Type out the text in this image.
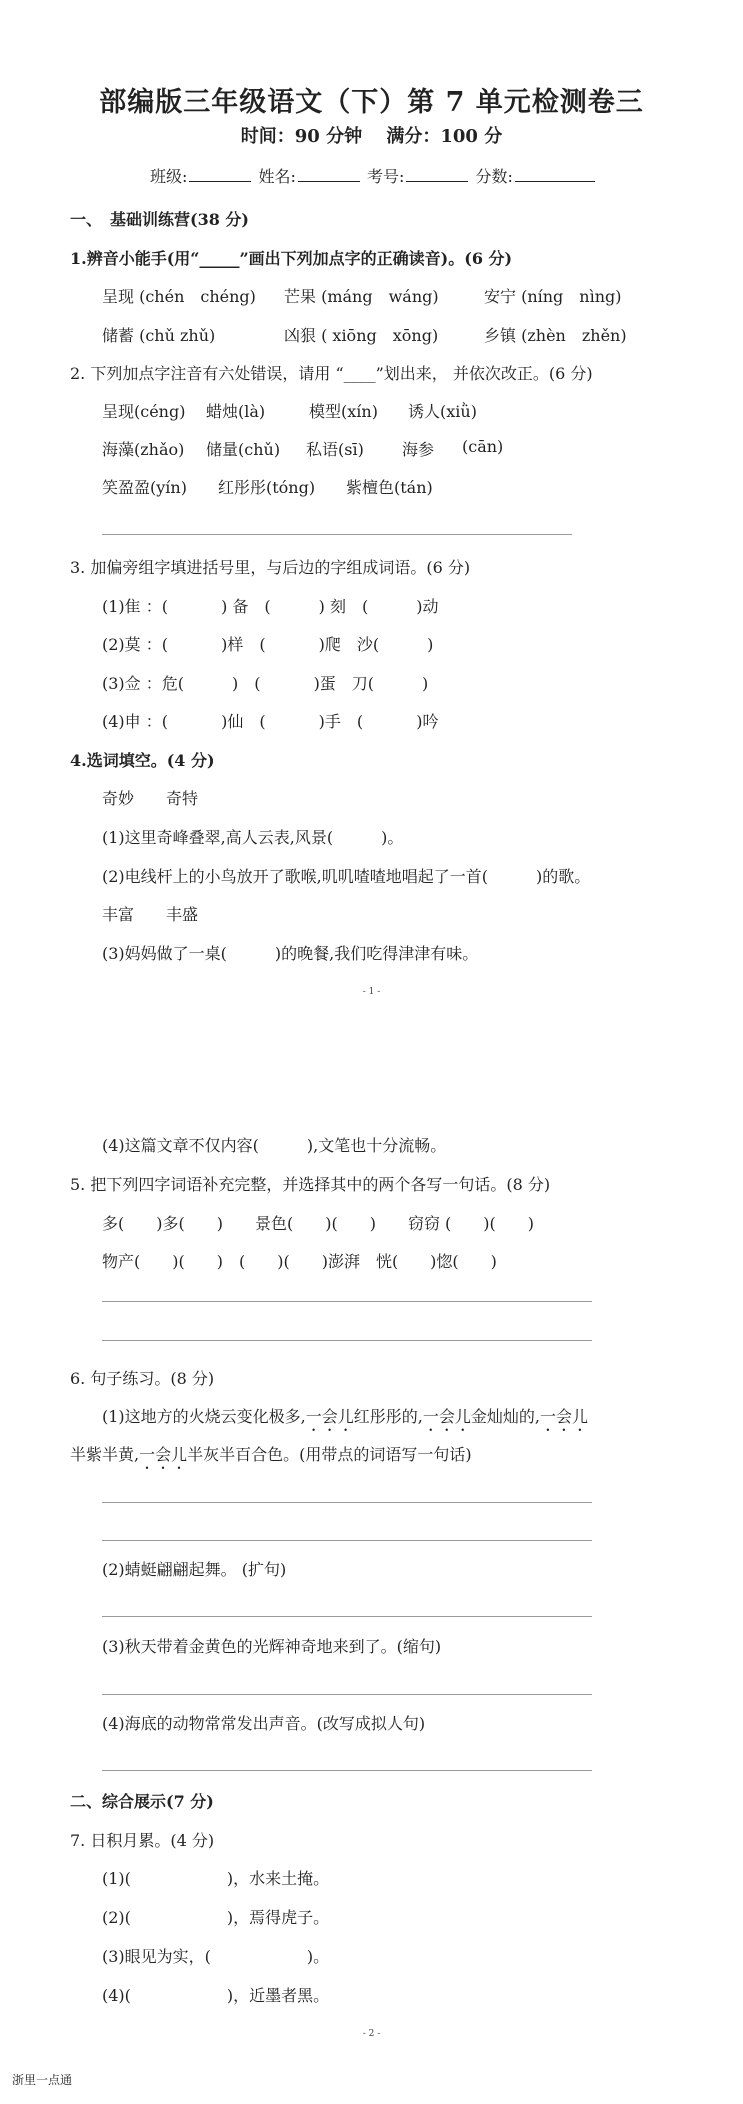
部编版三年级语文（下）第 7 单元检测卷三
时间：90 分钟　 满分：100 分
班级:	姓名:	考号:	分数:
一、　基础训练营(38 分)
1.辨音小能手(用“_____”画出下列加点字的正确读音)。(6 分)
呈现 (chén　chéng) 芒果 (máng　wáng)	安宁 (níng　nìng)
储蓄 (chǔ zhǔ)	凶狠 ( xiōng　xōng)	乡镇 (zhèn　zhěn)
2. 下列加点字注音有六处错误，请用 “____”划出来， 并依次改正。(6 分)
呈现(céng) 蜡烛(là)	模型(xín) 诱人(xiǜ)
海藻(zhǎo) 储量(chǔ) 私语(sī) 海参 (cān)
笑盈盈(yín) 红彤彤(tóng) 紫檀色(tán)
3. 加偏旁组字填进括号里，与后边的字组成词语。(6 分)
(1)隹 ：(　　　 ) 备　(　　　) 刻　(　　　)动
(2)莫 ：(　　　 )样　(　　　 )爬　沙(　　　)
(3)佥 ：危(　　　)　(　　　 )蛋　刀(　　　)
(4)申 ：(　　　 )仙　(　　　 )手　(　　　 )吟
4.选词填空。(4 分)
奇妙　　奇特
(1)这里奇峰叠翠,高人云表,风景(　　　)。
(2)电线杆上的小鸟放开了歌喉,叽叽喳喳地唱起了一首(　　　)的歌。
丰富　　丰盛
(3)妈妈做了一桌(　　　)的晚餐,我们吃得津津有味。
- 1 -
(4)这篇文章不仅内容(　　　),文笔也十分流畅。
5. 把下列四字词语补充完整，并选择其中的两个各写一句话。(8 分)
多(　　)多(　　)　　景色(　　)(　　)　　窃窃 (　　)(　　)
物产(　　)(　　)　(　　)(　　)澎湃　恍(　　)惚(　　)
6. 句子练习。(8 分)
(1)这地方的火烧云变化极多,一会儿红彤彤的,一会儿金灿灿的,一会儿
半紫半黄,一会儿半灰半百合色。(用带点的词语写一句话)
(2)蜻蜓翩翩起舞。 (扩句)
(3)秋天带着金黄色的光辉神奇地来到了。(缩句)
(4)海底的动物常常发出声音。(改写成拟人句)
二、综合展示(7 分)
7. 日积月累。(4 分)
(1)(　　　　　　)，水来土掩。
(2)(　　　　　　)，焉得虎子。
(3)眼见为实，(　　　　　　)。
(4)(　　　　　　)，近墨者黑。
- 2 -
浙里一点通
